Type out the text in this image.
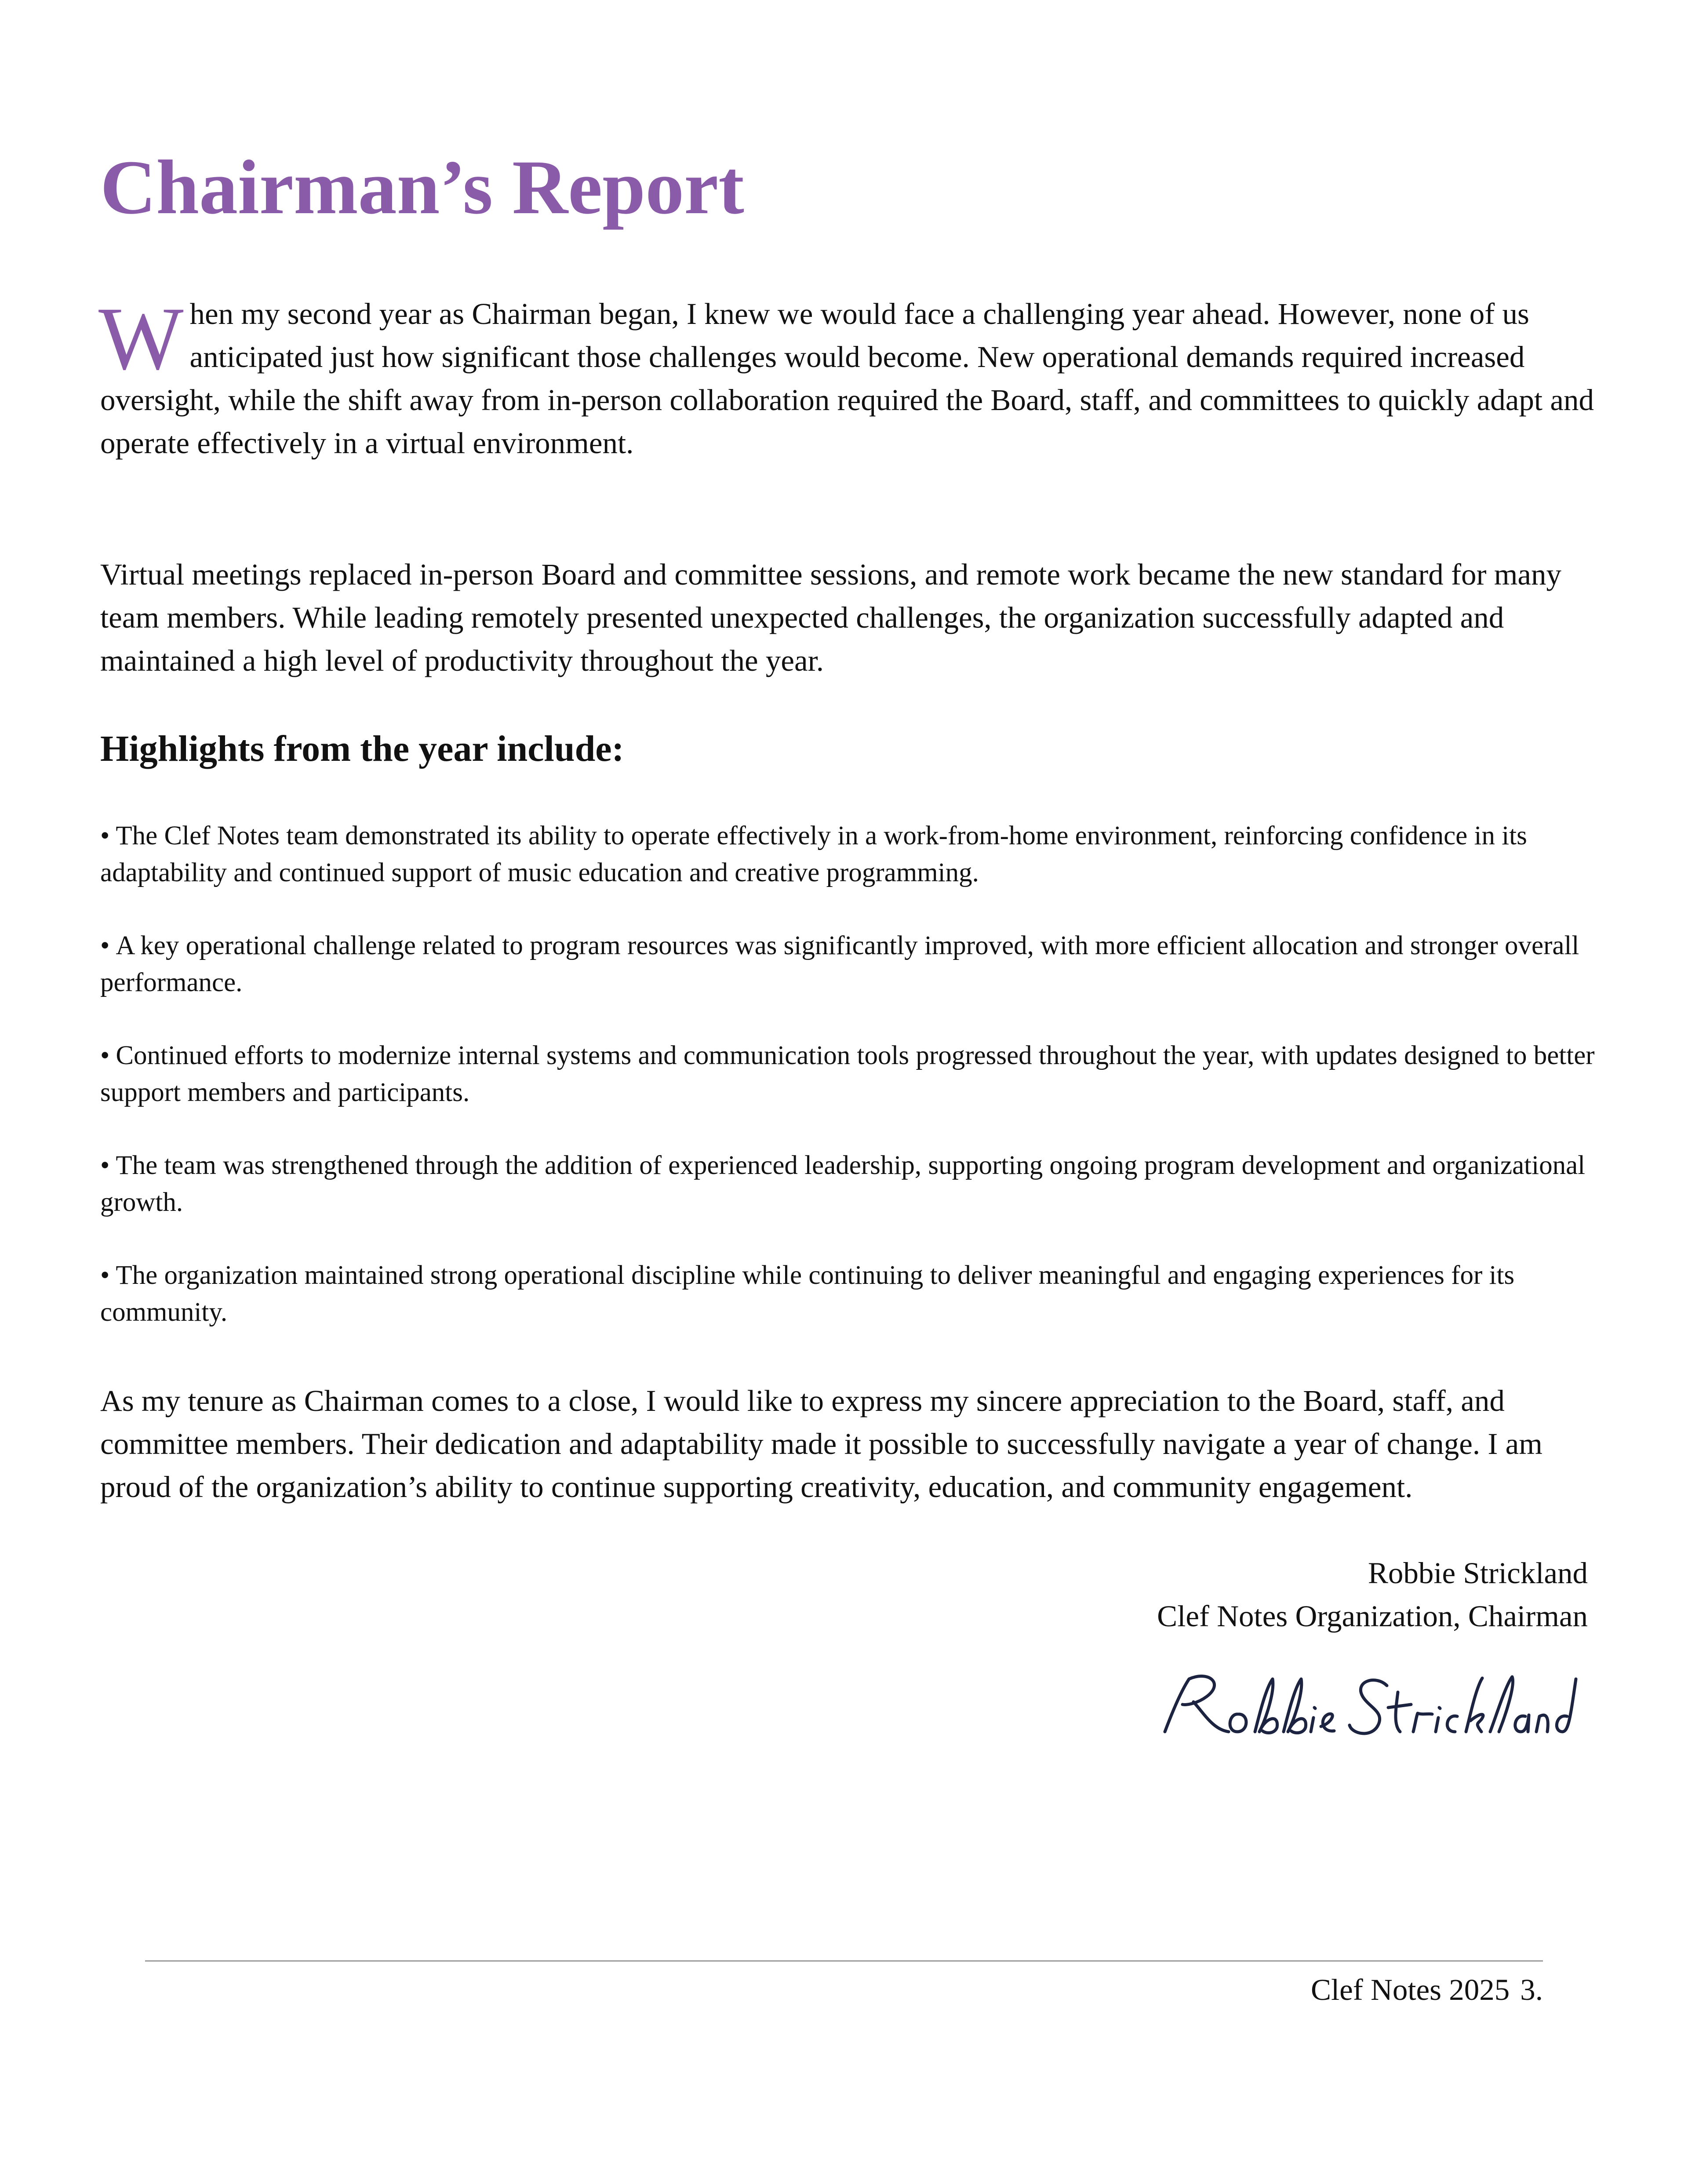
Chairman’s Report

When my second year as Chairman began, I knew we would face a challenging year ahead. However, none of us anticipated just how significant those challenges would become. New operational demands required increased oversight, while the shift away from in-person collaboration required the Board, staff, and committees to quickly adapt and operate effectively in a virtual environment.

Virtual meetings replaced in-person Board and committee sessions, and remote work became the new standard for many team members. While leading remotely presented unexpected challenges, the organization successfully adapted and maintained a high level of productivity throughout the year.

Highlights from the year include:
• The Clef Notes team demonstrated its ability to operate effectively in a work-from-home environment, reinforcing confidence in its adaptability and continued support of music education and creative programming.
• A key operational challenge related to program resources was significantly improved, with more efficient allocation and stronger overall performance.
• Continued efforts to modernize internal systems and communication tools progressed throughout the year, with updates designed to better support members and participants.
• The team was strengthened through the addition of experienced leadership, supporting ongoing program development and organizational growth.
• The organization maintained strong operational discipline while continuing to deliver meaningful and engaging experiences for its community.

As my tenure as Chairman comes to a close, I would like to express my sincere appreciation to the Board, staff, and committee members. Their dedication and adaptability made it possible to successfully navigate a year of change. I am proud of the organization’s ability to continue supporting creativity, education, and community engagement.

Robbie Strickland
Clef Notes Organization, Chairman
Clef Notes 2025 3.
